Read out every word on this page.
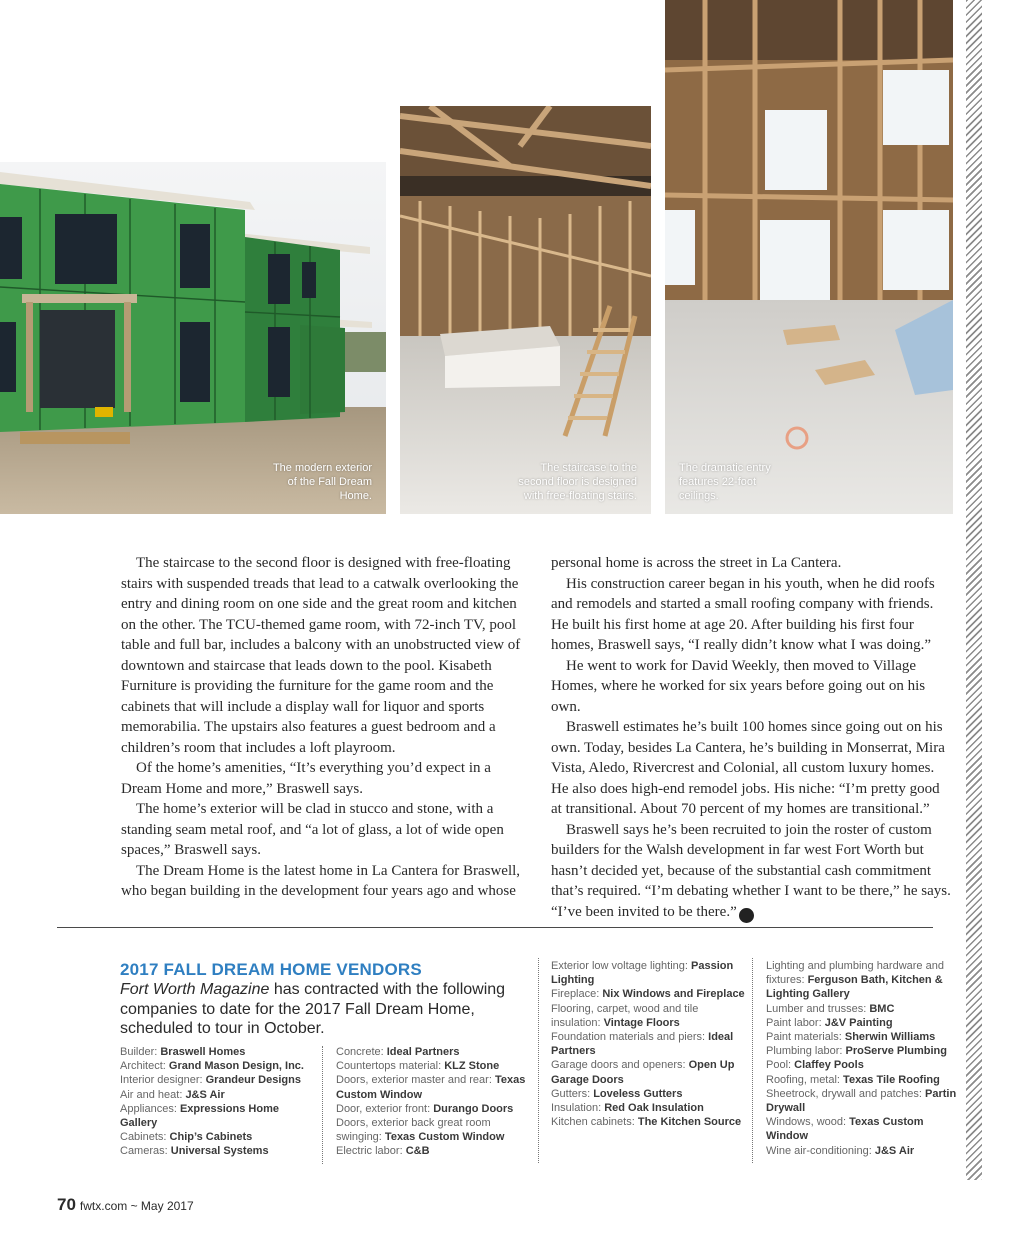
The modern exterior of the Fall Dream Home.
The staircase to the second floor is designed with free-floating stairs.
The dramatic entry features 22-foot ceilings.

The staircase to the second floor is designed with free-floating stairs with suspended treads that lead to a catwalk overlooking the entry and dining room on one side and the great room and kitchen on the other. The TCU-themed game room, with 72-inch TV, pool table and full bar, includes a balcony with an unobstructed view of downtown and staircase that leads down to the pool. Kisabeth Furniture is providing the furniture for the game room and the cabinets that will include a display wall for liquor and sports memorabilia. The upstairs also features a guest bedroom and a children’s room that includes a loft playroom.

Of the home’s amenities, “It’s everything you’d expect in a Dream Home and more,” Braswell says.

The home’s exterior will be clad in stucco and stone, with a standing seam metal roof, and “a lot of glass, a lot of wide open spaces,” Braswell says.

The Dream Home is the latest home in La Cantera for Braswell, who began building in the development four years ago and whose

personal home is across the street in La Cantera.

His construction career began in his youth, when he did roofs and remodels and started a small roofing company with friends. He built his first home at age 20. After building his first four homes, Braswell says, “I really didn’t know what I was doing.”

He went to work for David Weekly, then moved to Village Homes, where he worked for six years before going out on his own.

Braswell estimates he’s built 100 homes since going out on his own. Today, besides La Cantera, he’s building in Monserrat, Mira Vista, Aledo, Rivercrest and Colonial, all custom luxury homes. He also does high-end remodel jobs. His niche: “I’m pretty good at transitional. About 70 percent of my homes are transitional.”

Braswell says he’s been recruited to join the roster of custom builders for the Walsh development in far west Fort Worth but hasn’t decided yet, because of the substantial cash commitment that’s required. “I’m debating whether I want to be there,” he says. “I’ve been invited to be there.” fw

2017 FALL DREAM HOME VENDORS
Fort Worth Magazine has contracted with the following companies to date for the 2017 Fall Dream Home, scheduled to tour in October.
Builder: Braswell Homes
Architect: Grand Mason Design, Inc.
Interior designer: Grandeur Designs
Air and heat: J&S Air
Appliances: Expressions Home Gallery
Cabinets: Chip’s Cabinets
Cameras: Universal Systems
Concrete: Ideal Partners
Countertops material: KLZ Stone
Doors, exterior master and rear: Texas Custom Window
Door, exterior front: Durango Doors
Doors, exterior back great room swinging: Texas Custom Window
Electric labor: C&B
Exterior low voltage lighting: Passion Lighting
Fireplace: Nix Windows and Fireplace
Flooring, carpet, wood and tile insulation: Vintage Floors
Foundation materials and piers: Ideal Partners
Garage doors and openers: Open Up Garage Doors
Gutters: Loveless Gutters
Insulation: Red Oak Insulation
Kitchen cabinets: The Kitchen Source
Lighting and plumbing hardware and fixtures: Ferguson Bath, Kitchen & Lighting Gallery
Lumber and trusses: BMC
Paint labor: J&V Painting
Paint materials: Sherwin Williams
Plumbing labor: ProServe Plumbing
Pool: Claffey Pools
Roofing, metal: Texas Tile Roofing
Sheetrock, drywall and patches: Partin Drywall
Windows, wood: Texas Custom Window
Wine air-conditioning: J&S Air
70 fwtx.com ~ May 2017
